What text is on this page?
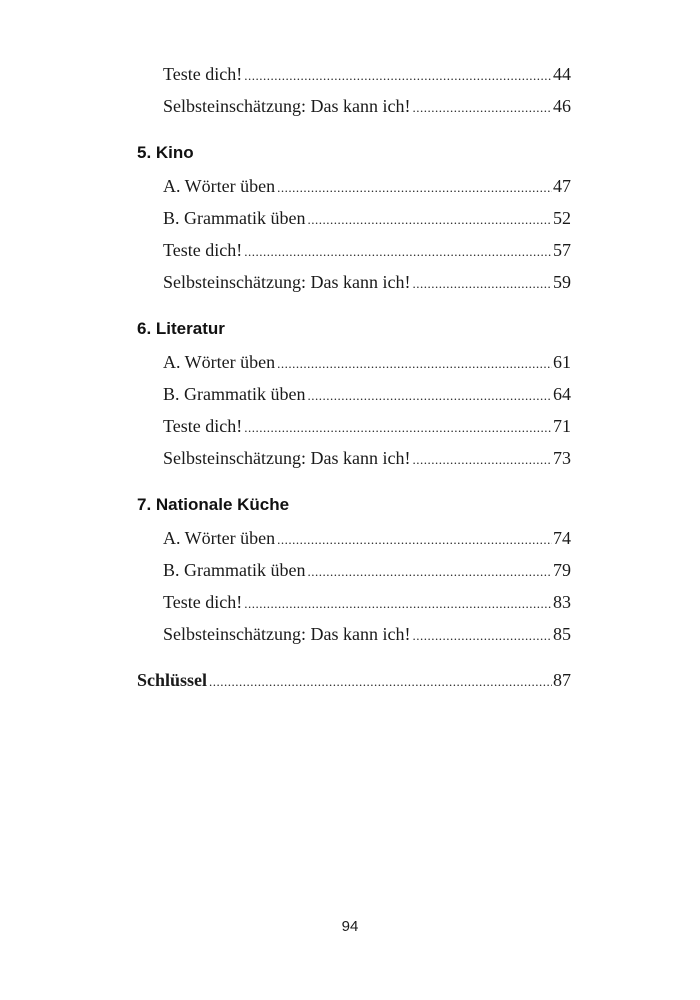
Teste dich! .....	44
Selbsteinschätzung: Das kann ich! .....	46
5. Kino
A. Wörter üben .....	47
B. Grammatik üben .....	52
Teste dich! .....	57
Selbsteinschätzung: Das kann ich! .....	59
6. Literatur
A. Wörter üben .....	61
B. Grammatik üben .....	64
Teste dich! .....	71
Selbsteinschätzung: Das kann ich! .....	73
7. Nationale Küche
A. Wörter üben .....	74
B. Grammatik üben .....	79
Teste dich! .....	83
Selbsteinschätzung: Das kann ich! .....	85
Schlüssel .....	87
94
